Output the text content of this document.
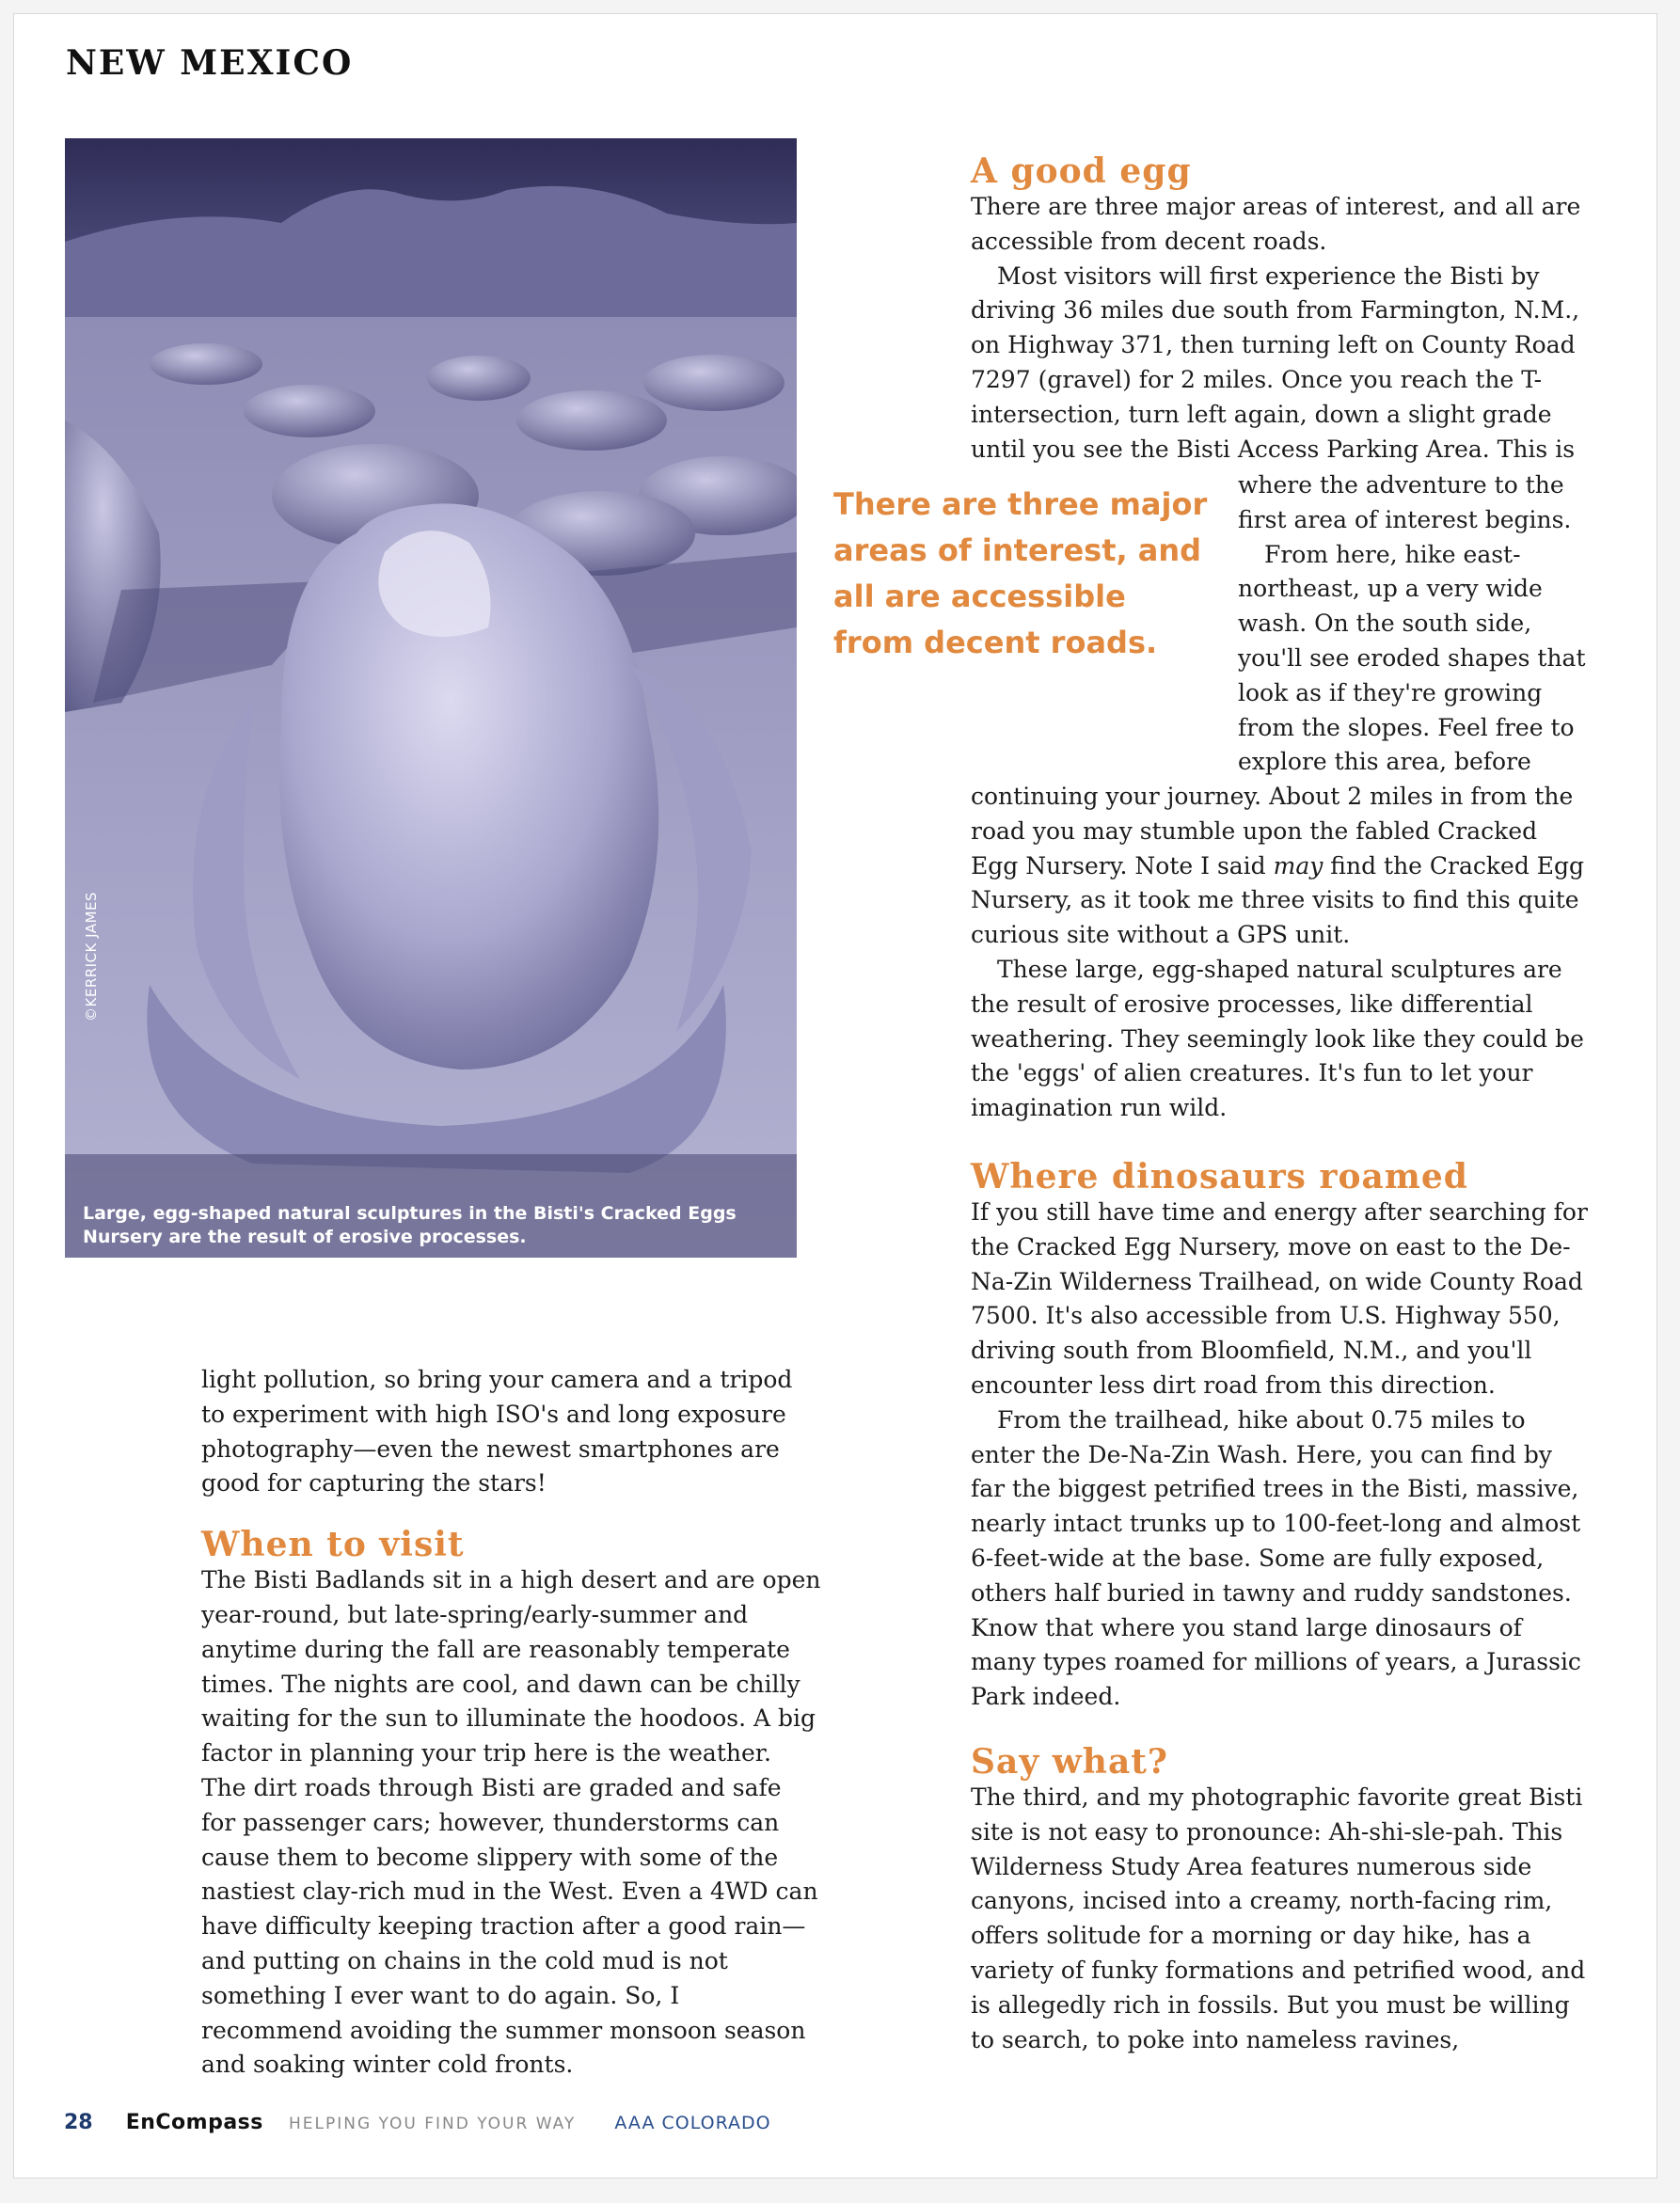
NEW MEXICO
©KERRICK JAMES
Large, egg-shaped natural sculptures in the Bisti's Cracked Eggs Nursery are the result of erosive processes.

light pollution, so bring your camera and a tripod to experiment with high ISO's and long exposure photography—even the newest smartphones are good for capturing the stars!

When to visit

The Bisti Badlands sit in a high desert and are open year-round, but late-spring/early-summer and anytime during the fall are reasonably temperate times. The nights are cool, and dawn can be chilly waiting for the sun to illuminate the hoodoos. A big factor in planning your trip here is the weather. The dirt roads through Bisti are graded and safe for passenger cars; however, thunderstorms can cause them to become slippery with some of the nastiest clay-rich mud in the West. Even a 4WD can have difficulty keeping traction after a good rain—and putting on chains in the cold mud is not something I ever want to do again. So, I recommend avoiding the summer monsoon season and soaking winter cold fronts.

A good egg

There are three major areas of interest, and all are accessible from decent roads.

Most visitors will first experience the Bisti by driving 36 miles due south from Farmington, N.M., on Highway 371, then turning left on County Road 7297 (gravel) for 2 miles. Once you reach the T-intersection, turn left again, down a slight grade until you see the Bisti Access Parking Area. This is

where the adventure to the first area of interest begins.

From here, hike east-northeast, up a very wide wash. On the south side, you'll see eroded shapes that look as if they're growing from the slopes. Feel free to explore this area, before

There are three major areas of interest, and all are accessible from decent roads.

continuing your journey. About 2 miles in from the road you may stumble upon the fabled Cracked Egg Nursery. Note I said may find the Cracked Egg Nursery, as it took me three visits to find this quite curious site without a GPS unit.

These large, egg-shaped natural sculptures are the result of erosive processes, like differential weathering. They seemingly look like they could be the 'eggs' of alien creatures. It's fun to let your imagination run wild.

Where dinosaurs roamed

If you still have time and energy after searching for the Cracked Egg Nursery, move on east to the De-Na-Zin Wilderness Trailhead, on wide County Road 7500. It's also accessible from U.S. Highway 550, driving south from Bloomfield, N.M., and you'll encounter less dirt road from this direction.

From the trailhead, hike about 0.75 miles to enter the De-Na-Zin Wash. Here, you can find by far the biggest petrified trees in the Bisti, massive, nearly intact trunks up to 100-feet-long and almost 6-feet-wide at the base. Some are fully exposed, others half buried in tawny and ruddy sandstones. Know that where you stand large dinosaurs of many types roamed for millions of years, a Jurassic Park indeed.

Say what?

The third, and my photographic favorite great Bisti site is not easy to pronounce: Ah-shi-sle-pah. This Wilderness Study Area features numerous side canyons, incised into a creamy, north-facing rim, offers solitude for a morning or day hike, has a variety of funky formations and petrified wood, and is allegedly rich in fossils. But you must be willing to search, to poke into nameless ravines,

28 EnCompass HELPING YOU FIND YOUR WAY AAA COLORADO
